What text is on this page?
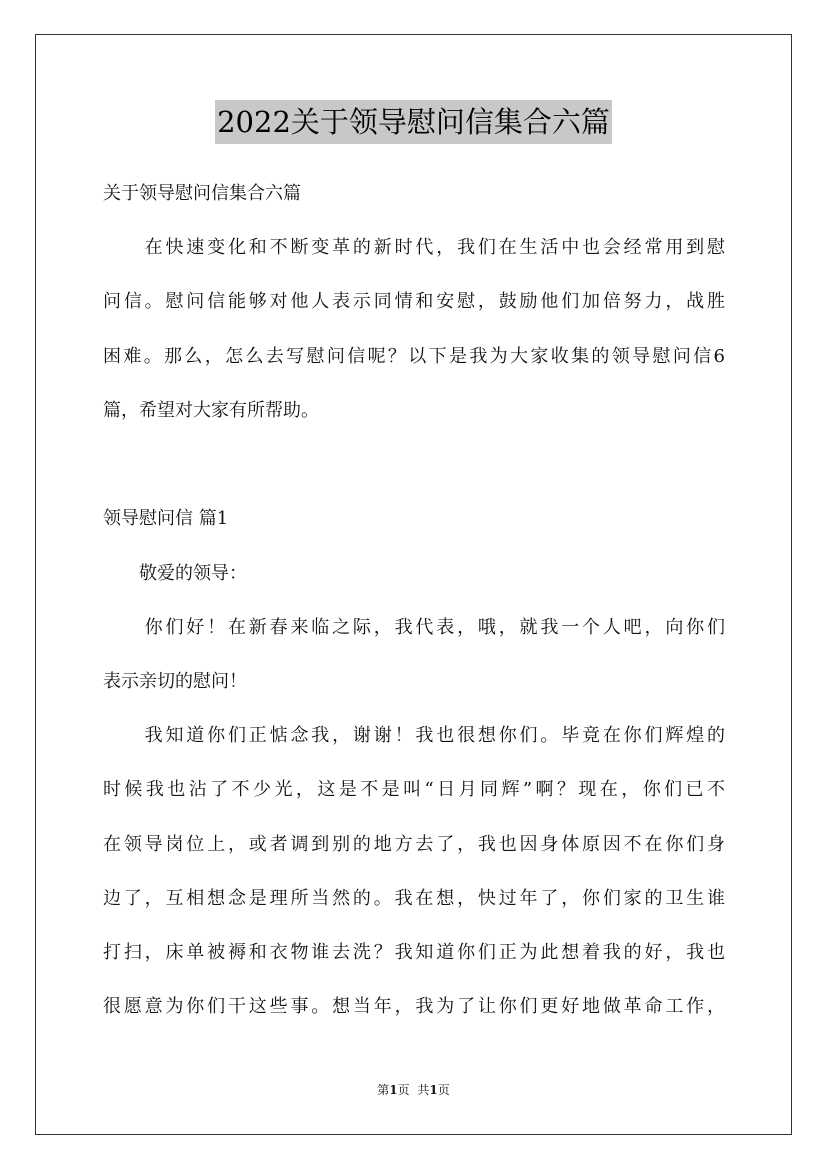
2022关于领导慰问信集合六篇
关于领导慰问信集合六篇
　　在快速变化和不断变革的新时代，我们在生活中也会经常用到慰
问信。慰问信能够对他人表示同情和安慰，鼓励他们加倍努力，战胜
困难。那么，怎么去写慰问信呢？以下是我为大家收集的领导慰问信6
篇，希望对大家有所帮助。
领导慰问信 篇1
　　敬爱的领导：
　　你们好！在新春来临之际，我代表，哦，就我一个人吧，向你们
表示亲切的慰问！
　　我知道你们正惦念我，谢谢！我也很想你们。毕竟在你们辉煌的
时候我也沾了不少光，这是不是叫“日月同辉”啊？现在，你们已不
在领导岗位上，或者调到别的地方去了，我也因身体原因不在你们身
边了，互相想念是理所当然的。我在想，快过年了，你们家的卫生谁
打扫，床单被褥和衣物谁去洗？我知道你们正为此想着我的好，我也
很愿意为你们干这些事。想当年，我为了让你们更好地做革命工作，
第1页 共1页
